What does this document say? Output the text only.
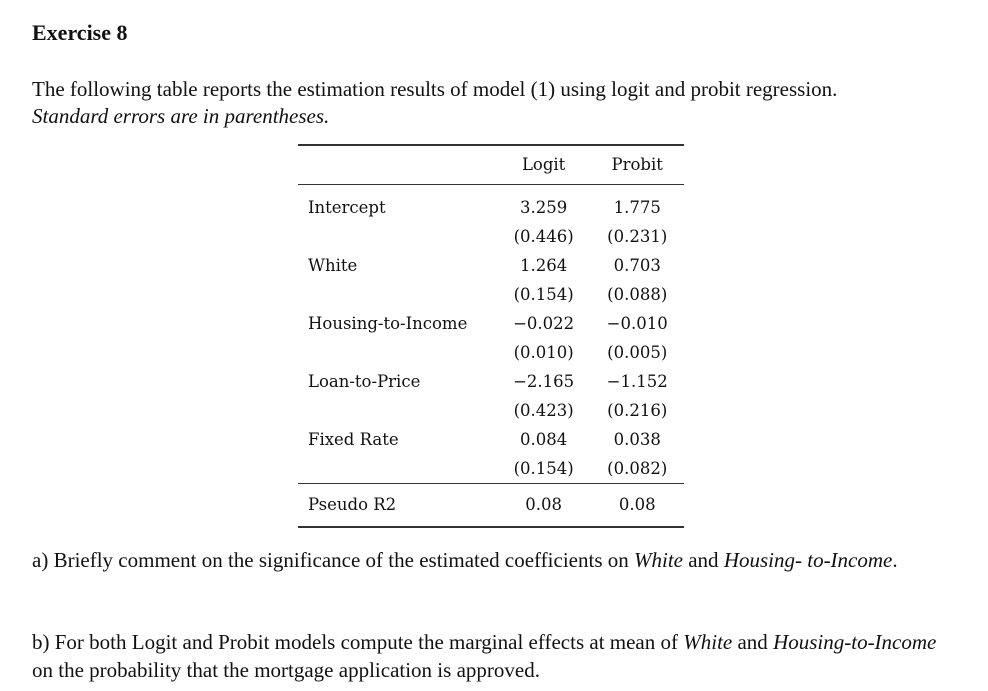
Exercise 8

The following table reports the estimation results of model (1) using logit and probit regression.
Standard errors are in parentheses.

	Logit	Probit
Intercept	3.259	1.775
	(0.446)	(0.231)
White	1.264	0.703
	(0.154)	(0.088)
Housing-to-Income	−0.022	−0.010
	(0.010)	(0.005)
Loan-to-Price	−2.165	−1.152
	(0.423)	(0.216)
Fixed Rate	0.084	0.038
	(0.154)	(0.082)
Pseudo R2	0.08	0.08

a) Briefly comment on the significance of the estimated coefficients on White and Housing- to-Income.

b) For both Logit and Probit models compute the marginal effects at mean of White and Housing-to-Income on the probability that the mortgage application is approved.
